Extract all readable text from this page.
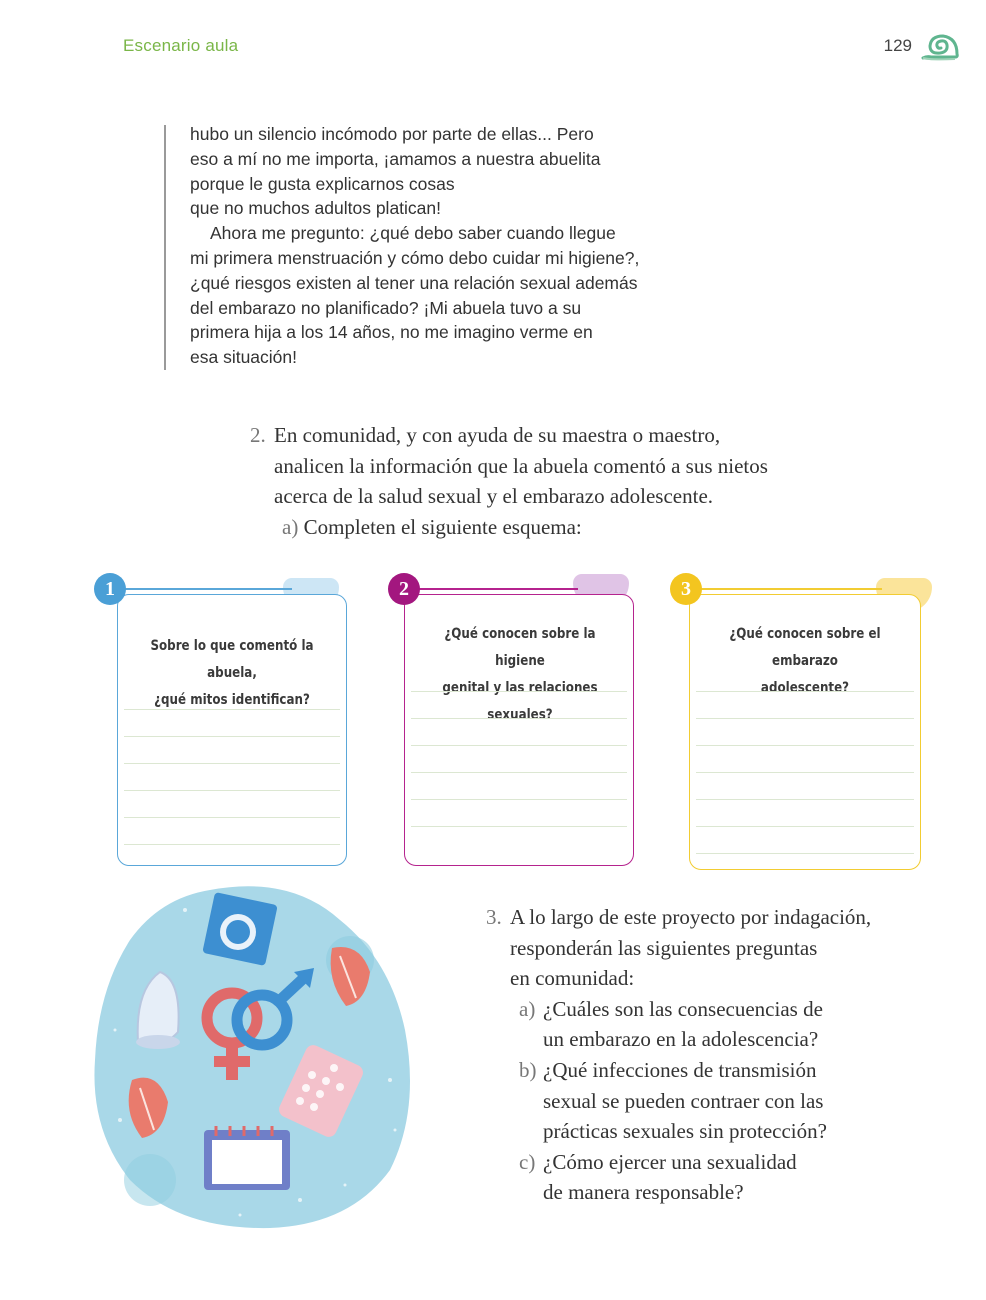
Escenario aula	129
hubo un silencio incómodo por parte de ellas... Pero
eso a mí no me importa, ¡amamos a nuestra abuelita
porque le gusta explicarnos cosas
que no muchos adultos platican!
Ahora me pregunto: ¿qué debo saber cuando llegue
mi primera menstruación y cómo debo cuidar mi higiene?,
¿qué riesgos existen al tener una relación sexual además
del embarazo no planificado? ¡Mi abuela tuvo a su
primera hija a los 14 años, no me imagino verme en
esa situación!
2. En comunidad, y con ayuda de su maestra o maestro,
analicen la información que la abuela comentó a sus nietos
acerca de la salud sexual y el embarazo adolescente.
a) Completen el siguiente esquema:
Sobre lo que comentó la abuela,
¿qué mitos identifican?
¿Qué conocen sobre la higiene
genital y las relaciones sexuales?
¿Qué conocen sobre el embarazo
adolescente?
1	2	3
3. A lo largo de este proyecto por indagación,
responderán las siguientes preguntas
en comunidad:
a) ¿Cuáles son las consecuencias de
un embarazo en la adolescencia?
b) ¿Qué infecciones de transmisión
sexual se pueden contraer con las
prácticas sexuales sin protección?
c) ¿Cómo ejercer una sexualidad
de manera responsable?
